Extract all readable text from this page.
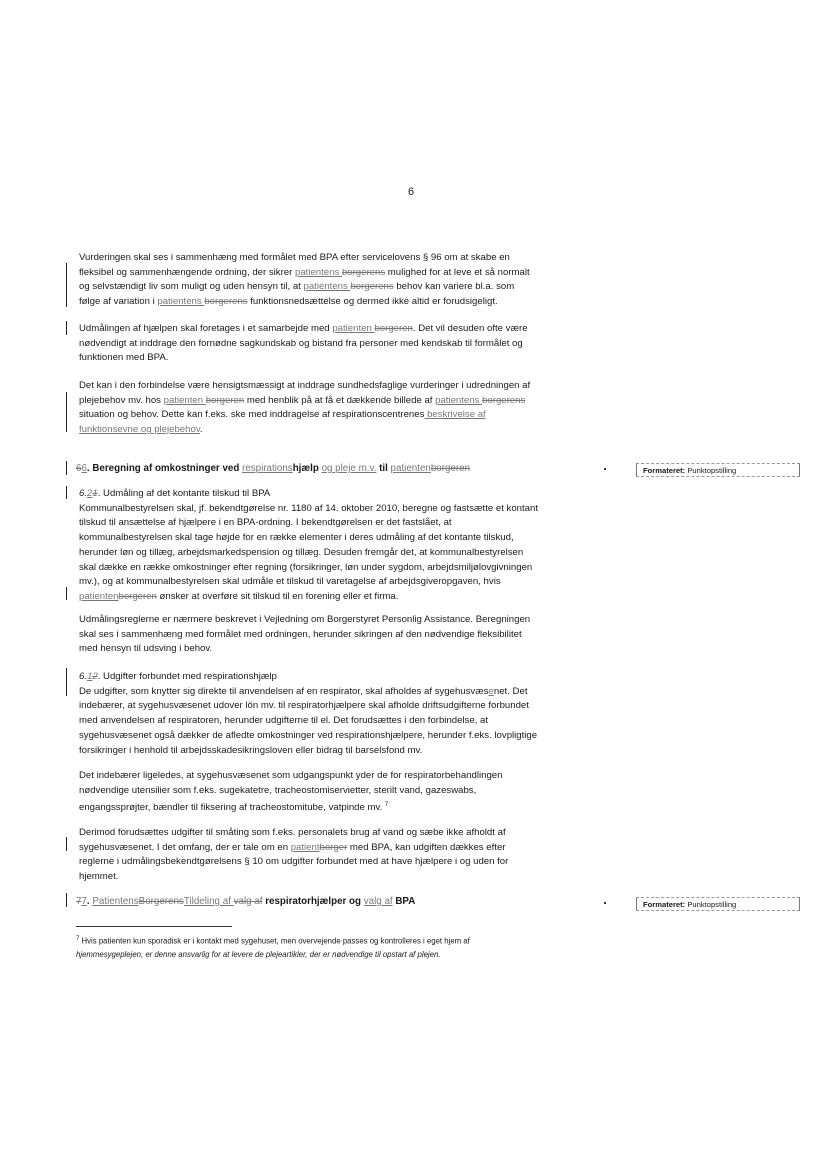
6
Vurderingen skal ses i sammenhæng med formålet med BPA efter servicelovens § 96 om at skabe en
fleksibel og sammenhængende ordning, der sikrer patientens borgerens mulighed for at leve et så normalt
og selvstændigt liv som muligt og uden hensyn til, at patientens borgerens behov kan variere bl.a. som
følge af variation i patientens borgerens funktionsnedsættelse og dermed ikke altid er forudsigeligt.
Udmålingen af hjælpen skal foretages i et samarbejde med patienten borgeren. Det vil desuden ofte være
nødvendigt at inddrage den fornødne sagkundskab og bistand fra personer med kendskab til formålet og
funktionen med BPA.
Det kan i den forbindelse være hensigtsmæssigt at inddrage sundhedsfaglige vurderinger i udredningen af
plejebehov mv. hos patienten borgeren med henblik på at få et dækkende billede af patientens borgerens
situation og behov. Dette kan f.eks. ske med inddragelse af respirationscentrenes beskrivelse af
funktionsevne og plejebehov.
66. Beregning af omkostninger ved respirationshjælp og pleje m.v. til patientenborgeren	Formateret: Punktopstilling
6.21. Udmåling af det kontante tilskud til BPA
Kommunalbestyrelsen skal, jf. bekendtgørelse nr. 1180 af 14. oktober 2010, beregne og fastsætte et kontant
tilskud til ansættelse af hjælpere i en BPA-ordning. I bekendtgørelsen er det fastslået, at
kommunalbestyrelsen skal tage højde for en række elementer i deres udmåling af det kontante tilskud,
herunder løn og tillæg, arbejdsmarkedspension og tillæg. Desuden fremgår det, at kommunalbestyrelsen
skal dække en række omkostninger efter regning (forsikringer, løn under sygdom, arbejdsmiljølovgivningen
mv.), og at kommunalbestyrelsen skal udmåle et tilskud til varetagelse af arbejdsgiveropgaven, hvis
patientenborgeren ønsker at overføre sit tilskud til en forening eller et firma.
Udmålingsreglerne er nærmere beskrevet i Vejledning om Borgerstyret Personlig Assistance. Beregningen
skal ses i sammenhæng med formålet med ordningen, herunder sikringen af den nødvendige fleksibilitet
med hensyn til udsving i behov.
6.12. Udgifter forbundet med respirationshjælp
De udgifter, som knytter sig direkte til anvendelsen af en respirator, skal afholdes af sygehusvæsenet. Det
indebærer, at sygehusvæsenet udover lön mv. til respiratorhjælpere skal afholde driftsudgifterne forbundet
med anvendelsen af respiratoren, herunder udgifterne til el. Det forudsættes i den forbindelse, at
sygehusvæsenet også dækker de afledte omkostninger ved respirationshjælpere, herunder f.eks. lovpligtige
forsikringer i henhold til arbejdsskadesikringsloven eller bidrag til barselsfond mv.
Det indebærer ligeledes, at sygehusvæsenet som udgangspunkt yder de for respiratorbehandlingen
nødvendige utensilier som f.eks. sugekatetre, tracheostomiservietter, sterilt vand, gazeswabs,
engangssprøjter, bændler til fiksering af tracheostomitube, vatpinde mv. $^7$
Derimod forudsættes udgifter til småting som f.eks. personalets brug af vand og sæbe ikke afholdt af
sygehusvæsenet. I det omfang, der er tale om en patientborger med BPA, kan udgiften dækkes efter
reglerne i udmålingsbekendtgørelsens § 10 om udgifter forbundet med at have hjælpere i og uden for
hjemmet.
77. PatientensBorgerensTildeling af valg af respiratorhjælper og valg af BPA	Formateret: Punktopstilling
$^7$ Hvis patienten kun sporadisk er i kontakt med sygehuset, men overvejende passes og kontrolleres i eget hjem af
hjemmesygeplejen, er denne ansvarlig for at levere de plejeartikler, der er nødvendige til opstart af plejen.
